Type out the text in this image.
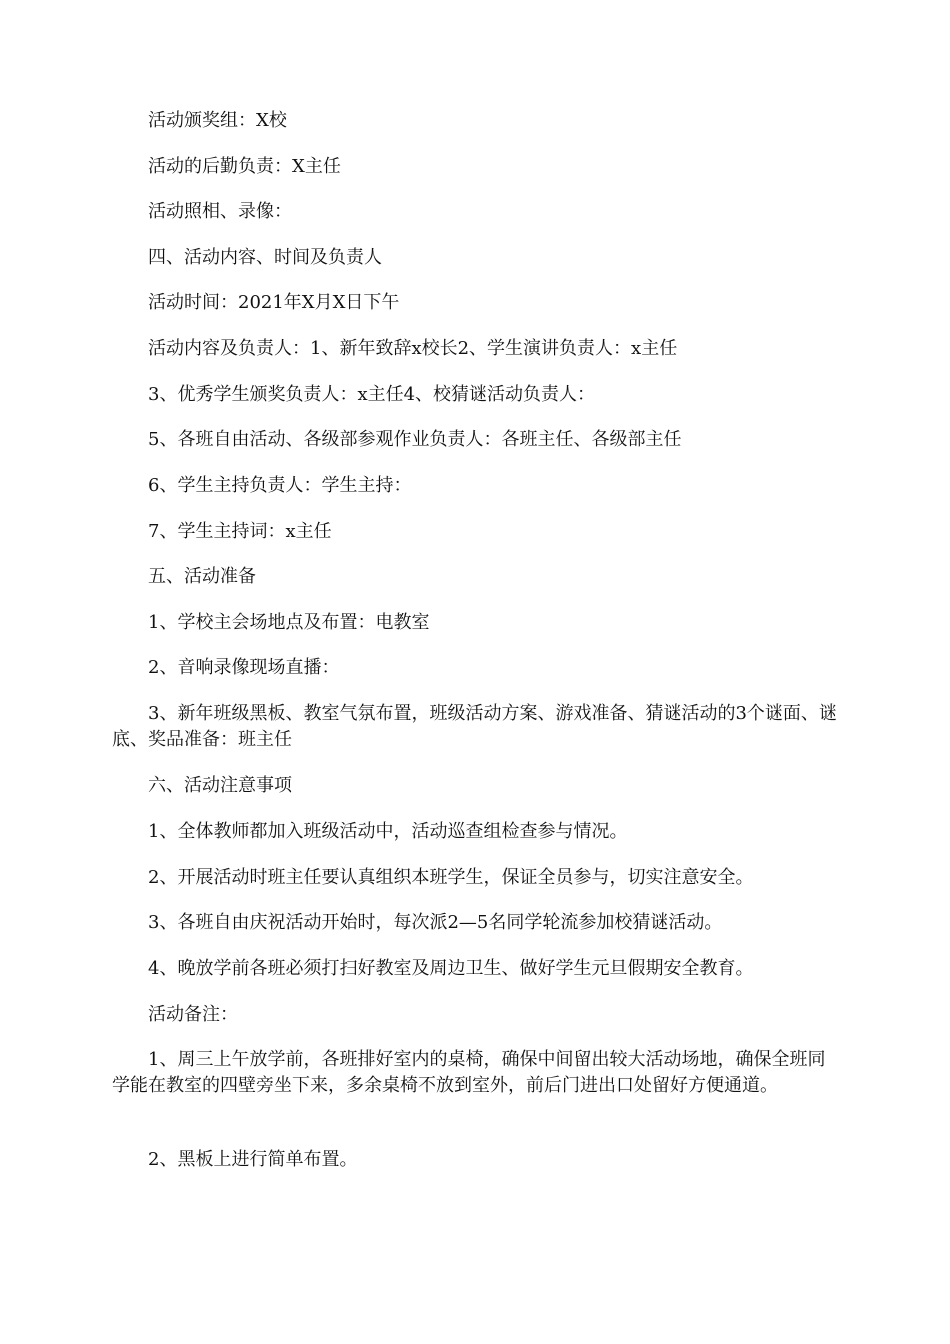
活动颁奖组：X校
活动的后勤负责：X主任
活动照相、录像：
四、活动内容、时间及负责人
活动时间：2021年X月X日下午
活动内容及负责人：1、新年致辞x校长2、学生演讲负责人：x主任
3、优秀学生颁奖负责人：x主任4、校猜谜活动负责人：
5、各班自由活动、各级部参观作业负责人：各班主任、各级部主任
6、学生主持负责人：学生主持：
7、学生主持词：x主任
五、活动准备
1、学校主会场地点及布置：电教室
2、音响录像现场直播：
3、新年班级黑板、教室气氛布置，班级活动方案、游戏准备、猜谜活动的3个谜面、谜底、奖品准备：班主任
六、活动注意事项
1、全体教师都加入班级活动中，活动巡查组检查参与情况。
2、开展活动时班主任要认真组织本班学生，保证全员参与，切实注意安全。
3、各班自由庆祝活动开始时，每次派2—5名同学轮流参加校猜谜活动。
4、晚放学前各班必须打扫好教室及周边卫生、做好学生元旦假期安全教育。
活动备注：
1、周三上午放学前，各班排好室内的桌椅，确保中间留出较大活动场地，确保全班同学能在教室的四壁旁坐下来，多余桌椅不放到室外，前后门进出口处留好方便通道。
2、黑板上进行简单布置。
